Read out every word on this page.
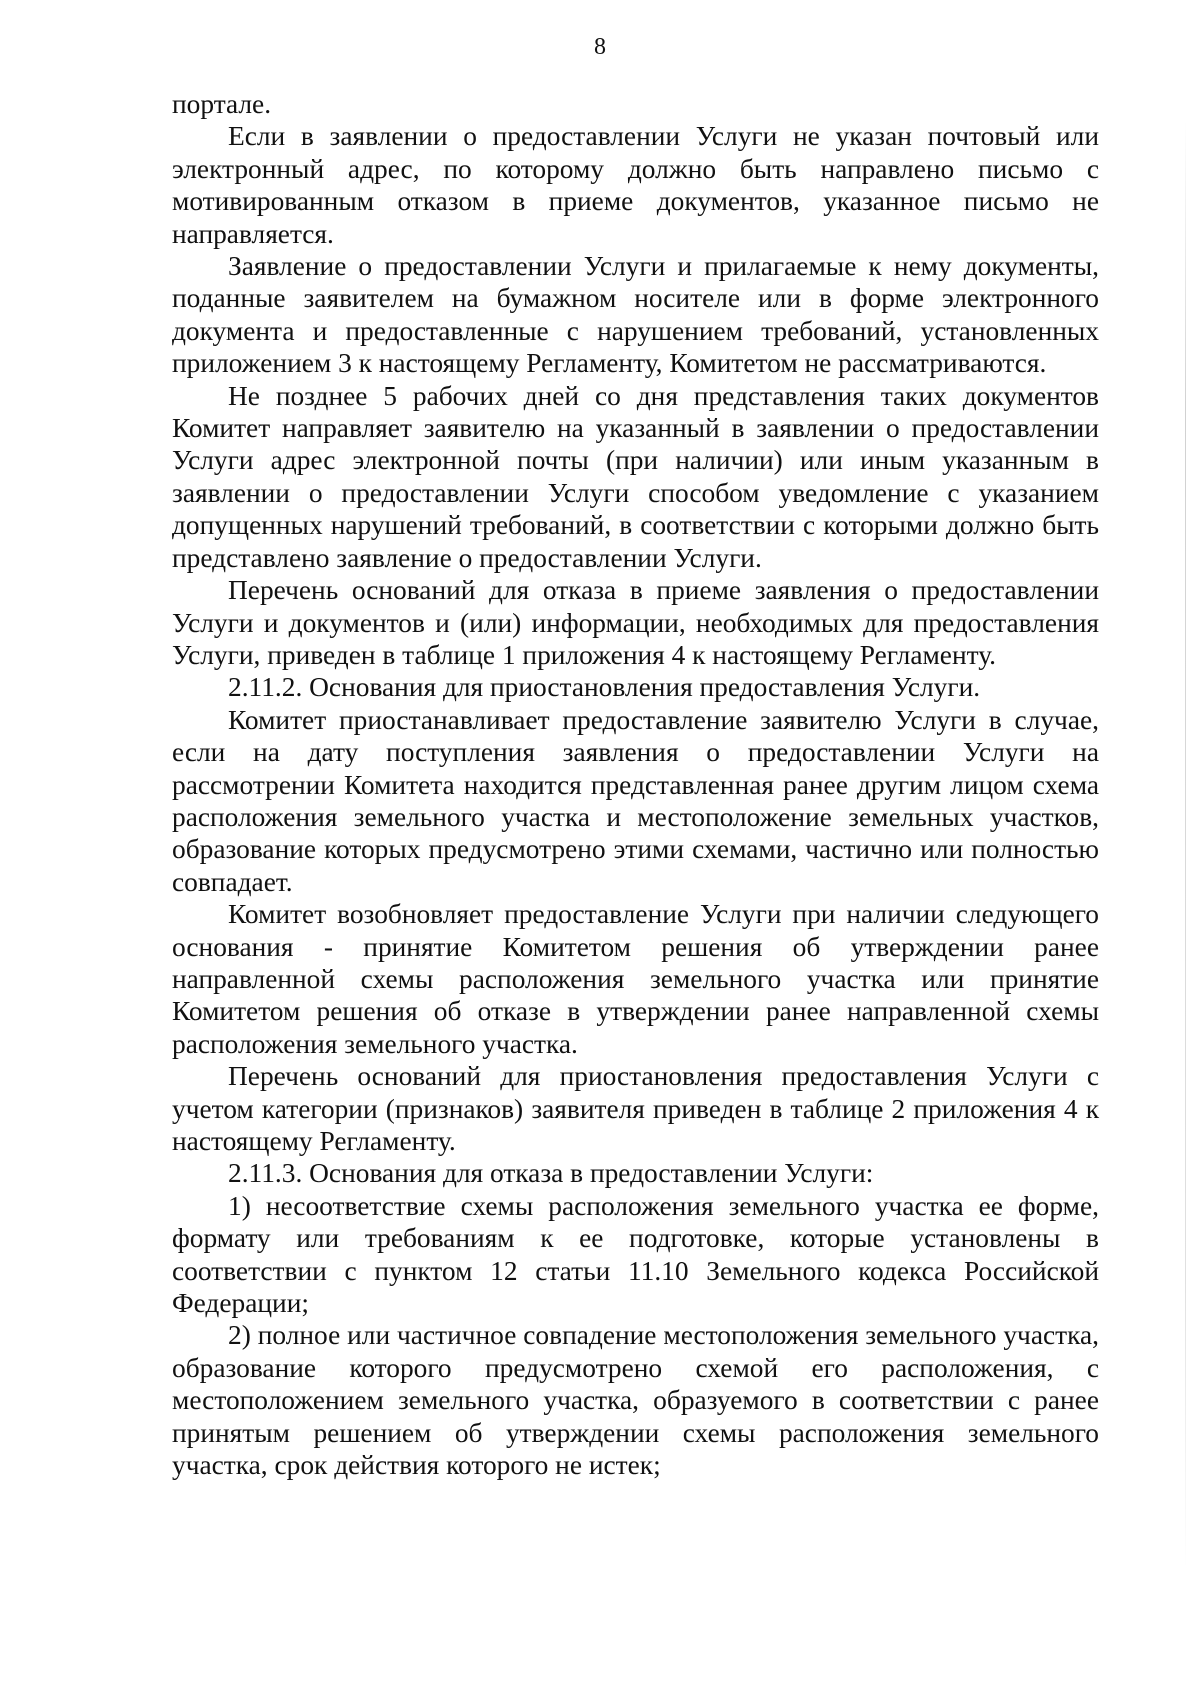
8

порталe.

Если в заявлении о предоставлении Услуги не указан почтовый или электронный адрес, по которому должно быть направлено письмо с мотивированным отказом в приеме документов, указанное письмо не направляется.

Заявление о предоставлении Услуги и прилагаемые к нему документы, поданные заявителем на бумажном носителе или в форме электронного документа и предоставленные с нарушением требований, установленных приложением 3 к настоящему Регламенту, Комитетом не рассматриваются.

Не позднее 5 рабочих дней со дня представления таких документов Комитет направляет заявителю на указанный в заявлении о предоставлении Услуги адрес электронной почты (при наличии) или иным указанным в заявлении о предоставлении Услуги способом уведомление с указанием допущенных нарушений требований, в соответствии с которыми должно быть представлено заявление о предоставлении Услуги.

Перечень оснований для отказа в приеме заявления о предоставлении Услуги и документов и (или) информации, необходимых для предоставления Услуги, приведен в таблице 1 приложения 4 к настоящему Регламенту.

2.11.2. Основания для приостановления предоставления Услуги.

Комитет приостанавливает предоставление заявителю Услуги в случае, если на дату поступления заявления о предоставлении Услуги на рассмотрении Комитета находится представленная ранее другим лицом схема расположения земельного участка и местоположение земельных участков, образование которых предусмотрено этими схемами, частично или полностью совпадает.

Комитет возобновляет предоставление Услуги при наличии следующего основания - принятие Комитетом решения об утверждении ранее направленной схемы расположения земельного участка или принятие Комитетом решения об отказе в утверждении ранее направленной схемы расположения земельного участка.

Перечень оснований для приостановления предоставления Услуги с учетом категории (признаков) заявителя приведен в таблице 2 приложения 4 к настоящему Регламенту.

2.11.3. Основания для отказа в предоставлении Услуги:

1) несоответствие схемы расположения земельного участка ее форме, формату или требованиям к ее подготовке, которые установлены в соответствии с пунктом 12 статьи 11.10 Земельного кодекса Российской Федерации;

2) полное или частичное совпадение местоположения земельного участка, образование которого предусмотрено схемой его расположения, с местоположением земельного участка, образуемого в соответствии с ранее принятым решением об утверждении схемы расположения земельного участка, срок действия которого не истек;
